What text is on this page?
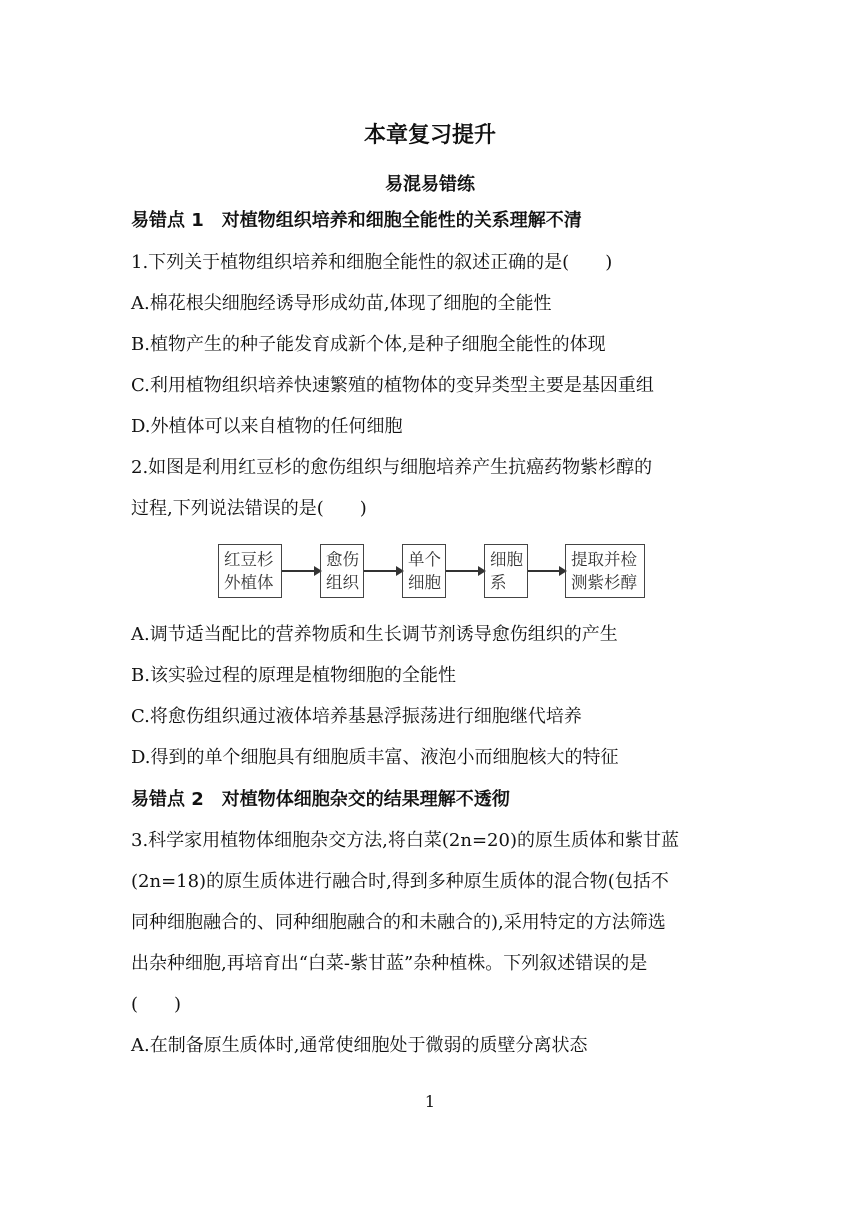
本章复习提升
易混易错练
易错点 1 对植物组织培养和细胞全能性的关系理解不清
1.下列关于植物组织培养和细胞全能性的叙述正确的是(　　)
A.棉花根尖细胞经诱导形成幼苗,体现了细胞的全能性
B.植物产生的种子能发育成新个体,是种子细胞全能性的体现
C.利用植物组织培养快速繁殖的植物体的变异类型主要是基因重组
D.外植体可以来自植物的任何细胞
2.如图是利用红豆杉的愈伤组织与细胞培养产生抗癌药物紫杉醇的
过程,下列说法错误的是(　　)
红豆杉
外植体
愈伤
组织
单个
细胞
细胞
系
提取并检
测紫杉醇
A.调节适当配比的营养物质和生长调节剂诱导愈伤组织的产生
B.该实验过程的原理是植物细胞的全能性
C.将愈伤组织通过液体培养基悬浮振荡进行细胞继代培养
D.得到的单个细胞具有细胞质丰富、液泡小而细胞核大的特征
易错点 2 对植物体细胞杂交的结果理解不透彻
3.科学家用植物体细胞杂交方法,将白菜(2n=20)的原生质体和紫甘蓝
(2n=18)的原生质体进行融合时,得到多种原生质体的混合物(包括不
同种细胞融合的、同种细胞融合的和未融合的),采用特定的方法筛选
出杂种细胞,再培育出“白菜-紫甘蓝”杂种植株。下列叙述错误的是
(　　)
A.在制备原生质体时,通常使细胞处于微弱的质壁分离状态
1
